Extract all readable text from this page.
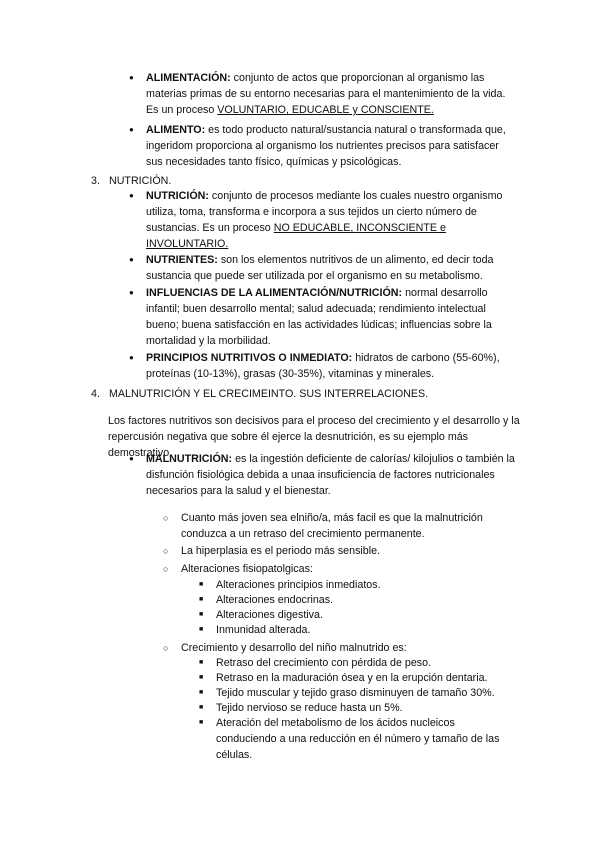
● ALIMENTACIÓN: conjunto de actos que proporcionan al organismo las materias primas de su entorno necesarias para el mantenimiento de la vida. Es un proceso VOLUNTARIO, EDUCABLE y CONSCIENTE.

● ALIMENTO: es todo producto natural/sustancia natural o transformada que, ingeridom proporciona al organismo los nutrientes precisos para satisfacer sus necesidades tanto físico, químicas y psicológicas.

3. NUTRICIÓN.

● NUTRICIÓN: conjunto de procesos mediante los cuales nuestro organismo utiliza, toma, transforma e incorpora a sus tejidos un cierto número de sustancias. Es un proceso NO EDUCABLE, INCONSCIENTE e INVOLUNTARIO.

● NUTRIENTES: son los elementos nutritivos de un alimento, ed decir toda sustancia que puede ser utilizada por el organismo en su metabolismo.

● INFLUENCIAS DE LA ALIMENTACIÓN/NUTRICIÓN: normal desarrollo infantil; buen desarrollo mental; salud adecuada; rendimiento intelectual bueno; buena satisfacción en las actividades lúdicas; influencias sobre la mortalidad y la morbilidad.

● PRINCIPIOS NUTRITIVOS O INMEDIATO: hidratos de carbono (55-60%), proteínas (10-13%), grasas (30-35%), vitaminas y minerales.

4. MALNUTRICIÓN Y EL CRECIMEINTO. SUS INTERRELACIONES.

Los factores nutritivos son decisivos para el proceso del crecimiento y el desarrollo y la repercusión negativa que sobre él ejerce la desnutrición, es su ejemplo más demostrativo.

● MALNUTRICIÓN: es la ingestión deficiente de calorías/ kilojulios o también la disfunción fisiológica debida a unaa insuficiencia de factores nutricionales necesarios para la salud y el bienestar.

○ Cuanto más joven sea elniño/a, más facil es que la malnutrición conduzca a un retraso del crecimiento permanente.

○ La hiperplasia es el periodo más sensible.

○ Alteraciones fisiopatolgicas:

■ Alteraciones principios inmediatos.

■ Alteraciones endocrinas.

■ Alteraciones digestiva.

■ Inmunidad alterada.

○ Crecimiento y desarrollo del niño malnutrido es:

■ Retraso del crecimiento con pérdida de peso.

■ Retraso en la maduración ósea y en la erupción dentaria.

■ Tejido muscular y tejido graso disminuyen de tamaño 30%.

■ Tejido nervioso se reduce hasta un 5%.

■ Ateración del metabolismo de los ácidos nucleicos conduciendo a una reducción en él número y tamaño de las células.
